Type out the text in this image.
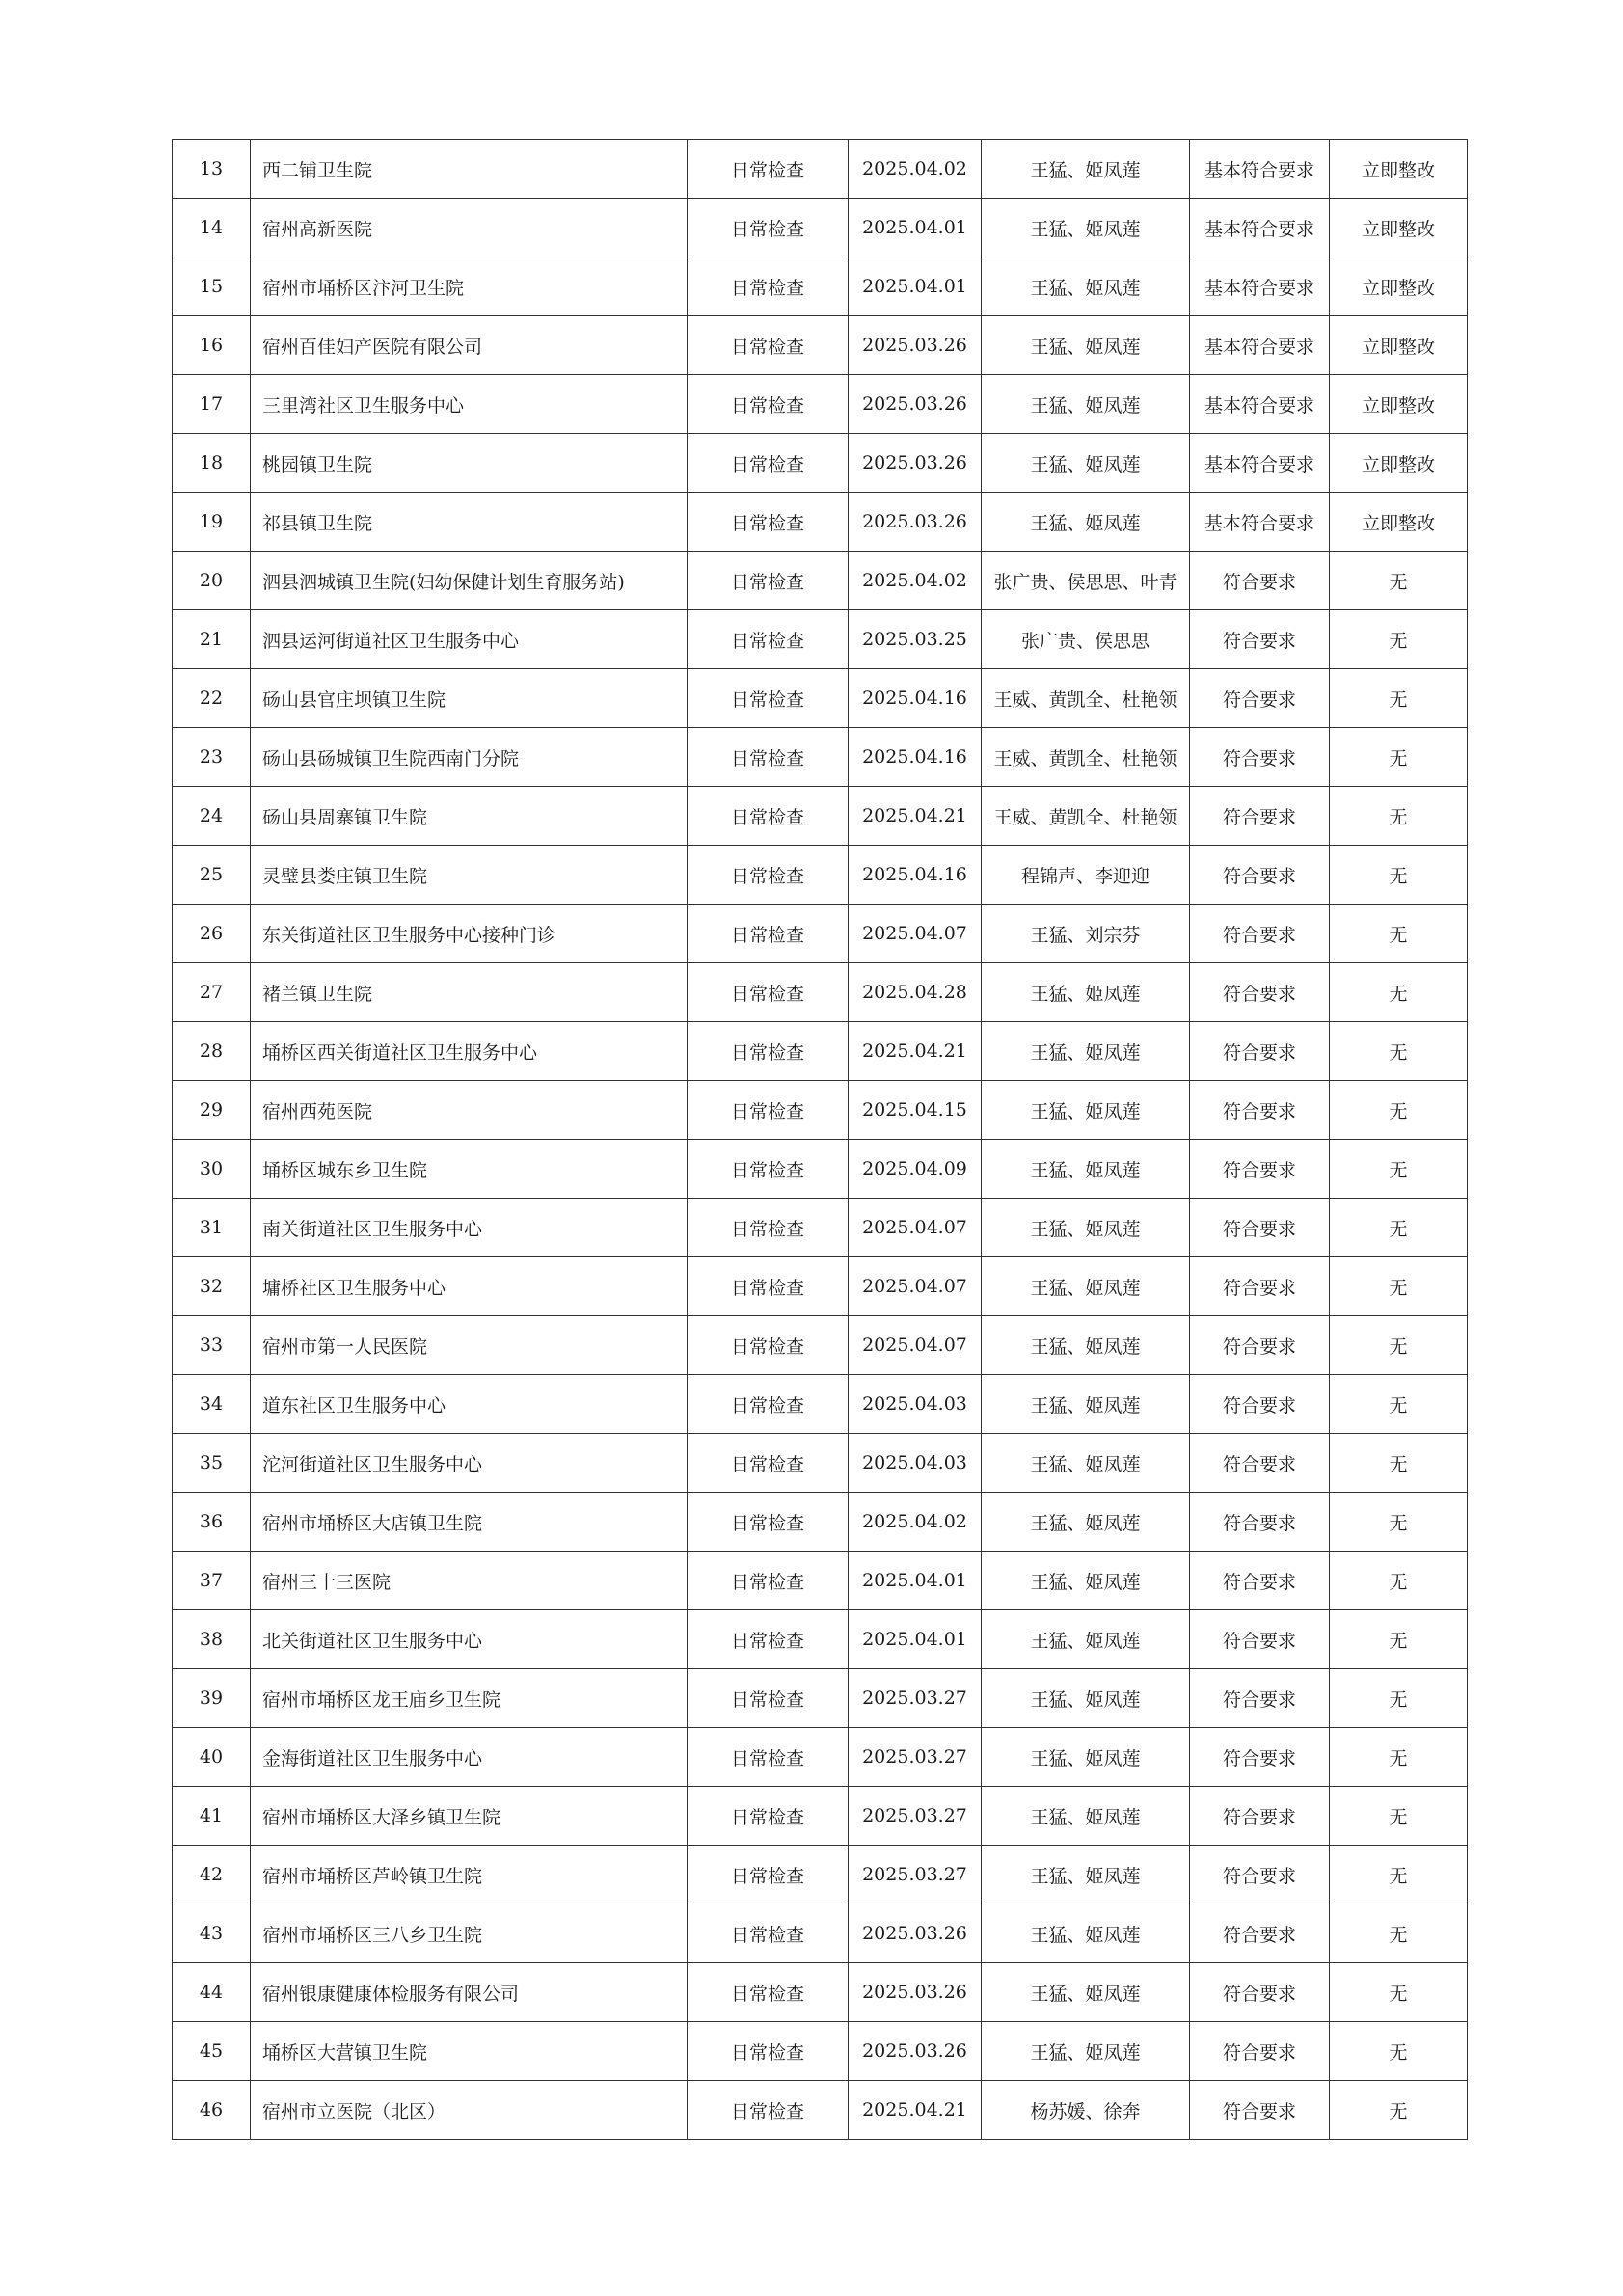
13	西二铺卫生院	日常检查	2025.04.02	王猛、姬凤莲	基本符合要求	立即整改
14	宿州高新医院	日常检查	2025.04.01	王猛、姬凤莲	基本符合要求	立即整改
15	宿州市埇桥区汴河卫生院	日常检查	2025.04.01	王猛、姬凤莲	基本符合要求	立即整改
16	宿州百佳妇产医院有限公司	日常检查	2025.03.26	王猛、姬凤莲	基本符合要求	立即整改
17	三里湾社区卫生服务中心	日常检查	2025.03.26	王猛、姬凤莲	基本符合要求	立即整改
18	桃园镇卫生院	日常检查	2025.03.26	王猛、姬凤莲	基本符合要求	立即整改
19	祁县镇卫生院	日常检查	2025.03.26	王猛、姬凤莲	基本符合要求	立即整改
20	泗县泗城镇卫生院(妇幼保健计划生育服务站)	日常检查	2025.04.02	张广贵、侯思思、叶青	符合要求	无
21	泗县运河街道社区卫生服务中心	日常检查	2025.03.25	张广贵、侯思思	符合要求	无
22	砀山县官庄坝镇卫生院	日常检查	2025.04.16	王威、黄凯全、杜艳领	符合要求	无
23	砀山县砀城镇卫生院西南门分院	日常检查	2025.04.16	王威、黄凯全、杜艳领	符合要求	无
24	砀山县周寨镇卫生院	日常检查	2025.04.21	王威、黄凯全、杜艳领	符合要求	无
25	灵璧县娄庄镇卫生院	日常检查	2025.04.16	程锦声、李迎迎	符合要求	无
26	东关街道社区卫生服务中心接种门诊	日常检查	2025.04.07	王猛、刘宗芬	符合要求	无
27	褚兰镇卫生院	日常检查	2025.04.28	王猛、姬凤莲	符合要求	无
28	埇桥区西关街道社区卫生服务中心	日常检查	2025.04.21	王猛、姬凤莲	符合要求	无
29	宿州西苑医院	日常检查	2025.04.15	王猛、姬凤莲	符合要求	无
30	埇桥区城东乡卫生院	日常检查	2025.04.09	王猛、姬凤莲	符合要求	无
31	南关街道社区卫生服务中心	日常检查	2025.04.07	王猛、姬凤莲	符合要求	无
32	墉桥社区卫生服务中心	日常检查	2025.04.07	王猛、姬凤莲	符合要求	无
33	宿州市第一人民医院	日常检查	2025.04.07	王猛、姬凤莲	符合要求	无
34	道东社区卫生服务中心	日常检查	2025.04.03	王猛、姬凤莲	符合要求	无
35	沱河街道社区卫生服务中心	日常检查	2025.04.03	王猛、姬凤莲	符合要求	无
36	宿州市埇桥区大店镇卫生院	日常检查	2025.04.02	王猛、姬凤莲	符合要求	无
37	宿州三十三医院	日常检查	2025.04.01	王猛、姬凤莲	符合要求	无
38	北关街道社区卫生服务中心	日常检查	2025.04.01	王猛、姬凤莲	符合要求	无
39	宿州市埇桥区龙王庙乡卫生院	日常检查	2025.03.27	王猛、姬凤莲	符合要求	无
40	金海街道社区卫生服务中心	日常检查	2025.03.27	王猛、姬凤莲	符合要求	无
41	宿州市埇桥区大泽乡镇卫生院	日常检查	2025.03.27	王猛、姬凤莲	符合要求	无
42	宿州市埇桥区芦岭镇卫生院	日常检查	2025.03.27	王猛、姬凤莲	符合要求	无
43	宿州市埇桥区三八乡卫生院	日常检查	2025.03.26	王猛、姬凤莲	符合要求	无
44	宿州银康健康体检服务有限公司	日常检查	2025.03.26	王猛、姬凤莲	符合要求	无
45	埇桥区大营镇卫生院	日常检查	2025.03.26	王猛、姬凤莲	符合要求	无
46	宿州市立医院（北区）	日常检查	2025.04.21	杨苏媛、徐奔	符合要求	无
